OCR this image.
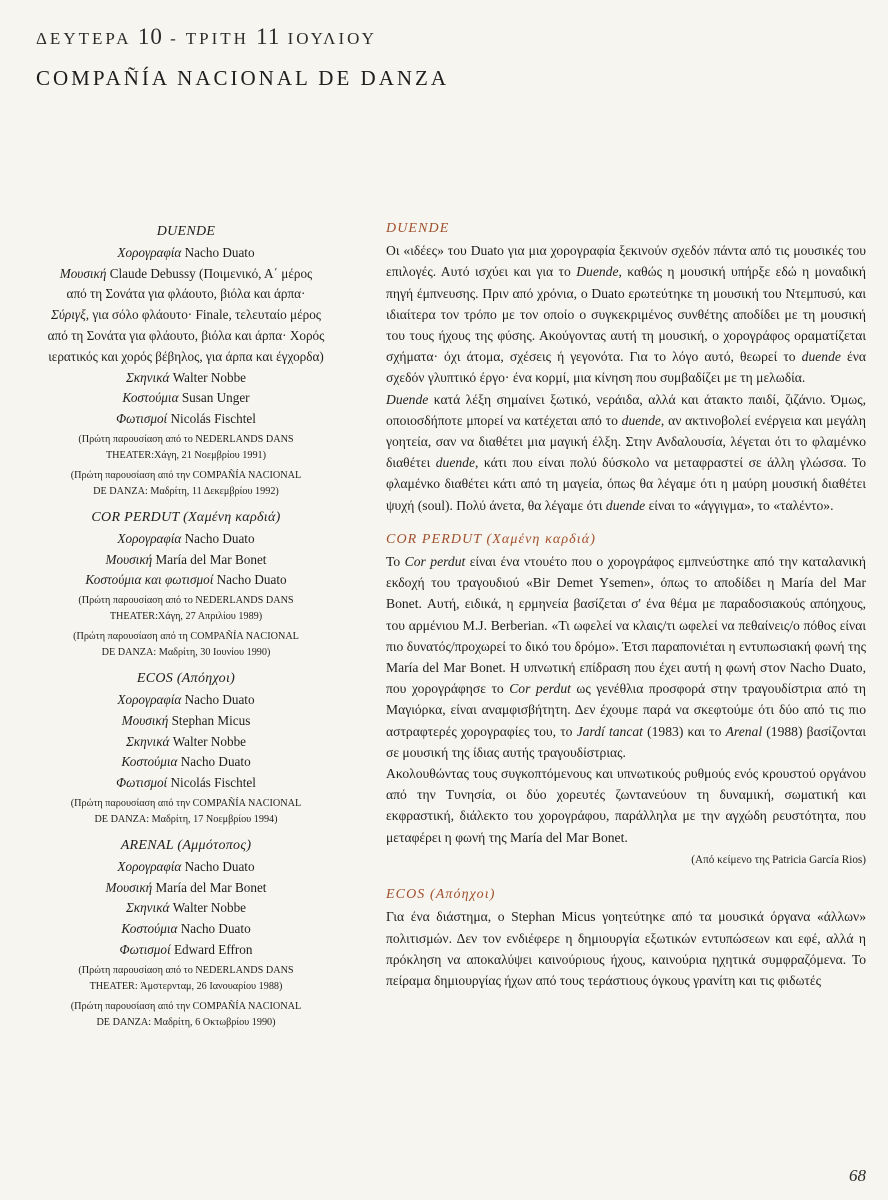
ΔΕΥΤΕΡΑ 10 - ΤΡΙΤΗ 11 ΙΟΥΛΙΟΥ
COMPAÑÍA NACIONAL DE DANZA
DUENDE
Χορογραφία Nacho Duato
Μουσική Claude Debussy (Ποιμενικό, Α΄ μέρος
από τη Σονάτα για φλάουτο, βιόλα και άρπα·
Σύριγξ, για σόλο φλάουτο· Finale, τελευταίο μέρος
από τη Σονάτα για φλάουτο, βιόλα και άρπα· Χορός
ιερατικός και χορός βέβηλος, για άρπα και έγχορδα)
Σκηνικά Walter Nobbe
Κοστούμια Susan Unger
Φωτισμοί Nicolás Fischtel
(Πρώτη παρουσίαση από το NEDERLANDS DANS
THEATER:Χάγη, 21 Νοεμβρίου 1991)
(Πρώτη παρουσίαση από την COMPAÑÍA NACIONAL
DE DANZA: Μαδρίτη, 11 Δεκεμβρίου 1992)
COR PERDUT (Χαμένη καρδιά)
Χορογραφία Nacho Duato
Μουσική María del Mar Bonet
Κοστούμια και φωτισμοί Nacho Duato
(Πρώτη παρουσίαση από το NEDERLANDS DANS
THEATER:Χάγη, 27 Απριλίου 1989)
(Πρώτη παρουσίαση από τη COMPAÑÍA NACIONAL
DE DANZA: Μαδρίτη, 30 Ιουνίου 1990)
ECOS (Απόηχοι)
Χορογραφία Nacho Duato
Μουσική Stephan Micus
Σκηνικά Walter Nobbe
Κοστούμια Nacho Duato
Φωτισμοί Nicolás Fischtel
(Πρώτη παρουσίαση από την COMPAÑÍA NACIONAL
DE DANZA: Μαδρίτη, 17 Νοεμβρίου 1994)
ARENAL (Αμμότοπος)
Χορογραφία Nacho Duato
Μουσική María del Mar Bonet
Σκηνικά Walter Nobbe
Κοστούμια Nacho Duato
Φωτισμοί Edward Effron
(Πρώτη παρουσίαση από το NEDERLANDS DANS
THEATER: Άμστερνταμ, 26 Ιανουαρίου 1988)
(Πρώτη παρουσίαση από την COMPAÑÍA NACIONAL
DE DANZA: Μαδρίτη, 6 Οκτωβρίου 1990)
DUENDE

Οι «ιδέες» του Duato για μια χορογραφία ξεκινούν σχεδόν πάντα από τις μουσικές του επιλογές. Αυτό ισχύει και για το Duende, καθώς η μουσική υπήρξε εδώ η μοναδική πηγή έμπνευσης. Πριν από χρόνια, ο Duato ερωτεύτηκε τη μουσική του Ντεμπυσύ, και ιδιαίτερα τον τρόπο με τον οποίο ο συγκεκριμένος συνθέτης αποδίδει με τη μουσική του τους ήχους της φύσης. Ακούγοντας αυτή τη μουσική, ο χορογράφος οραματίζεται σχήματα· όχι άτομα, σχέσεις ή γεγονότα. Για το λόγο αυτό, θεωρεί το duende ένα σχεδόν γλυπτικό έργο· ένα κορμί, μια κίνηση που συμβαδίζει με τη μελωδία.

Duende κατά λέξη σημαίνει ξωτικό, νεράιδα, αλλά και άτακτο παιδί, ζιζάνιο. Όμως, οποιοσδήποτε μπορεί να κατέχεται από το duende, αν ακτινοβολεί ενέργεια και μεγάλη γοητεία, σαν να διαθέτει μια μαγική έλξη. Στην Ανδαλουσία, λέγεται ότι το φλαμένκο διαθέτει duende, κάτι που είναι πολύ δύσκολο να μεταφραστεί σε άλλη γλώσσα. Το φλαμένκο διαθέτει κάτι από τη μαγεία, όπως θα λέγαμε ότι η μαύρη μουσική διαθέτει ψυχή (soul). Πολύ άνετα, θα λέγαμε ότι duende είναι το «άγγιγμα», το «ταλέντο».

COR PERDUT (Χαμένη καρδιά)

Το Cor perdut είναι ένα ντουέτο που ο χορογράφος εμπνεύστηκε από την καταλανική εκδοχή του τραγουδιού «Bir Demet Ysemen», όπως το αποδίδει η María del Mar Bonet. Αυτή, ειδικά, η ερμηνεία βασίζεται σ' ένα θέμα με παραδοσιακούς απόηχους, του αρμένιου M.J. Berberian. «Τι ωφελεί να κλαις/τι ωφελεί να πεθαίνεις/ο πόθος είναι πιο δυνατός/προχωρεί το δικό του δρόμο». Έτσι παραπονιέται η εντυπωσιακή φωνή της María del Mar Bonet. Η υπνωτική επίδραση που έχει αυτή η φωνή στον Nacho Duato, που χορογράφησε το Cor perdut ως γενέθλια προσφορά στην τραγουδίστρια από τη Μαγιόρκα, είναι αναμφισβήτητη. Δεν έχουμε παρά να σκεφτούμε ότι δύο από τις πιο αστραφτερές χορογραφίες του, το Jardí tancat (1983) και το Arenal (1988) βασίζονται σε μουσική της ίδιας αυτής τραγουδίστριας.

Ακολουθώντας τους συγκοπτόμενους και υπνωτικούς ρυθμούς ενός κρουστού οργάνου από την Τυνησία, οι δύο χορευτές ζωντανεύουν τη δυναμική, σωματική και εκφραστική, διάλεκτο του χορογράφου, παράλληλα με την αγχώδη ρευστότητα, που μεταφέρει η φωνή της María del Mar Bonet.

(Από κείμενο της Patricia García Rios)
ECOS (Απόηχοι)

Για ένα διάστημα, ο Stephan Micus γοητεύτηκε από τα μουσικά όργανα «άλλων» πολιτισμών. Δεν τον ενδιέφερε η δημιουργία εξωτικών εντυπώσεων και εφέ, αλλά η πρόκληση να αποκαλύψει καινούριους ήχους, καινούρια ηχητικά συμφραζόμενα. Το πείραμα δημιουργίας ήχων από τους τεράστιους όγκους γρανίτη και τις φιδωτές

68
